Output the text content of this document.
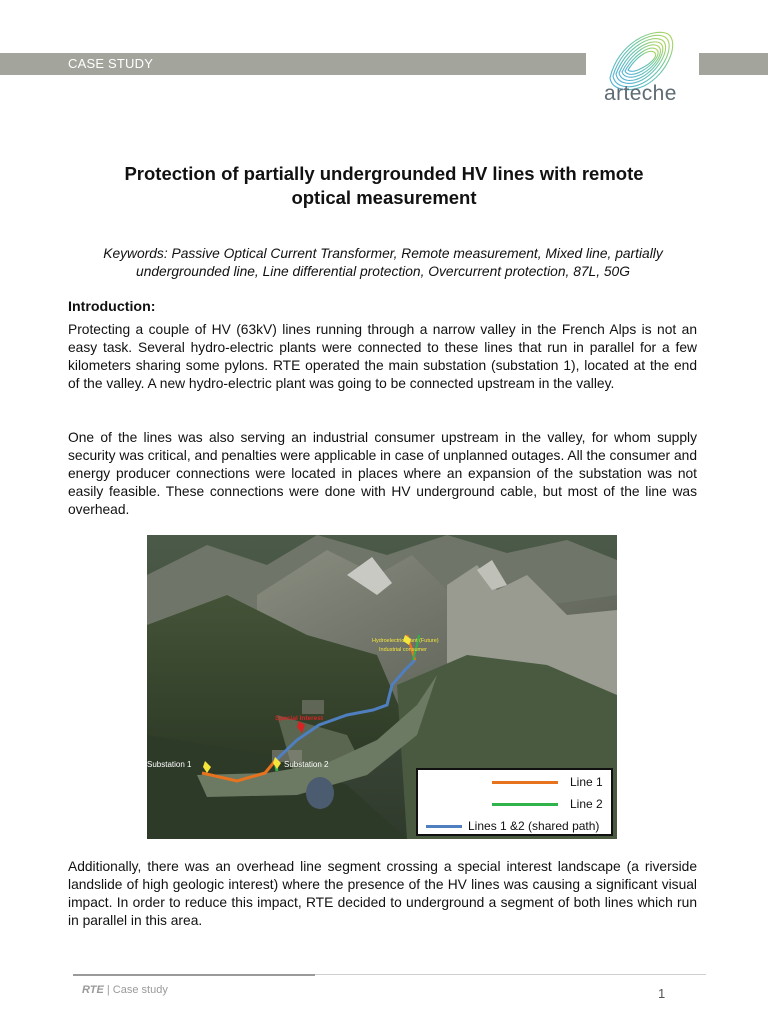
CASE STUDY
arteche
Protection of partially undergrounded HV lines with remote
optical measurement
Keywords: Passive Optical Current Transformer, Remote measurement, Mixed line, partially
undergrounded line, Line differential protection, Overcurrent protection, 87L, 50G
Introduction:

Protecting a couple of HV (63kV) lines running through a narrow valley in the French Alps is not an easy task. Several hydro-electric plants were connected to these lines that run in parallel for a few kilometers sharing some pylons. RTE operated the main substation (substation 1), located at the end of the valley. A new hydro-electric plant was going to be connected upstream in the valley.

One of the lines was also serving an industrial consumer upstream in the valley, for whom supply security was critical, and penalties were applicable in case of unplanned outages. All the consumer and energy producer connections were located in places where an expansion of the substation was not easily feasible. These connections were done with HV underground cable, but most of the line was overhead.

Substation 1	Substation 2
Special Interest
Hydroelectric plant (Future)
Industrial consumer
Line 1
Line 2
Lines 1 &2 (shared path)

Additionally, there was an overhead line segment crossing a special interest landscape (a riverside landslide of high geologic interest) where the presence of the HV lines was causing a significant visual impact. In order to reduce this impact, RTE decided to underground a segment of both lines which run in parallel in this area.

RTE | Case study	1
